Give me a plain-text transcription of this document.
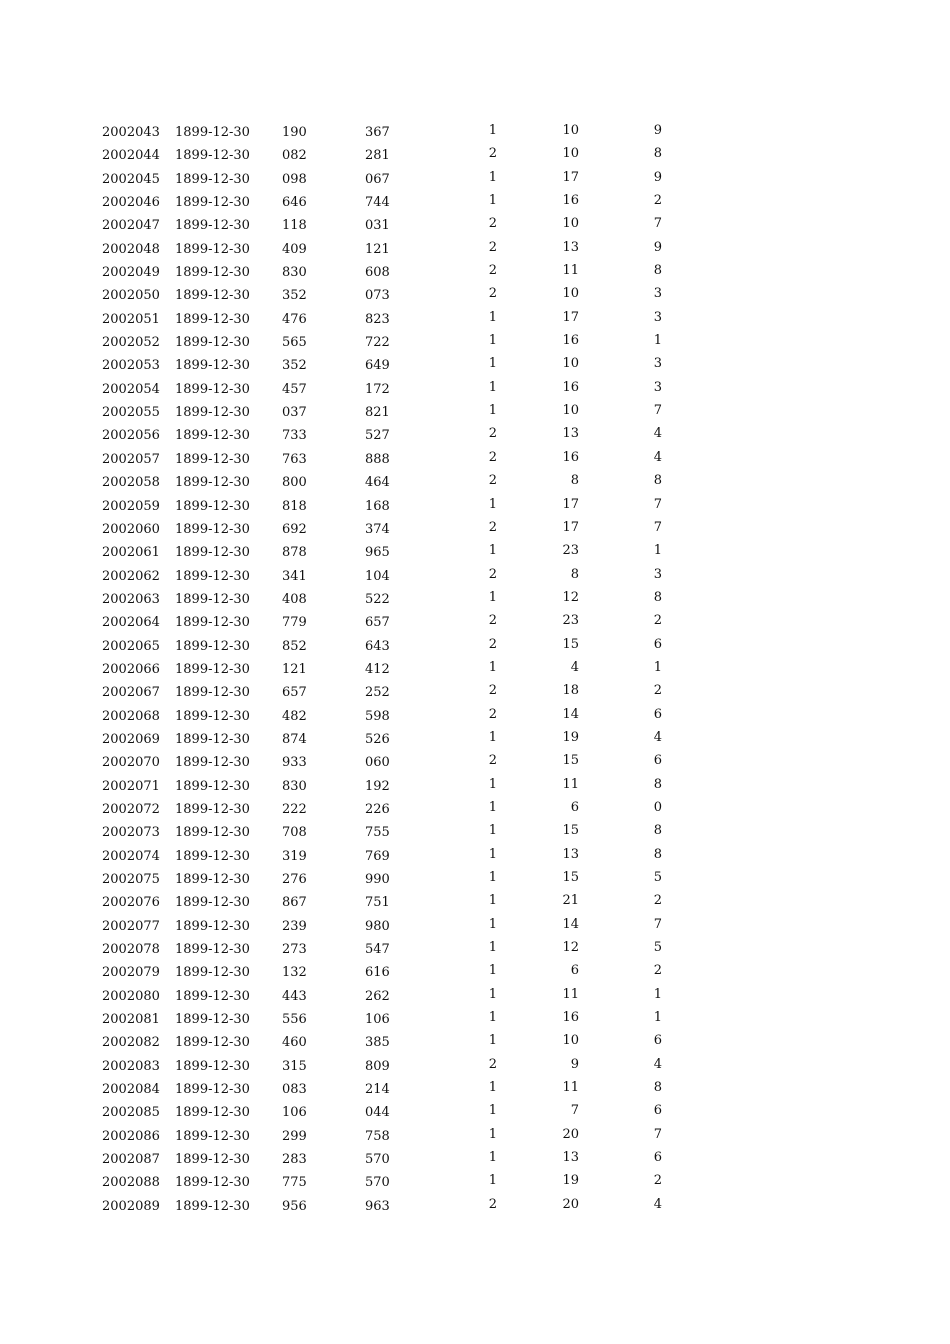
2002043 1899-12-30 190	367	1	10	9
2002044 1899-12-30 082	281	2	10	8
2002045 1899-12-30 098	067	1	17	9
2002046 1899-12-30 646	744	1	16	2
2002047 1899-12-30 118	031	2	10	7
2002048 1899-12-30 409	121	2	13	9
2002049 1899-12-30 830	608	2	11	8
2002050 1899-12-30 352	073	2	10	3
2002051 1899-12-30 476	823	1	17	3
2002052 1899-12-30 565	722	1	16	1
2002053 1899-12-30 352	649	1	10	3
2002054 1899-12-30 457	172	1	16	3
2002055 1899-12-30 037	821	1	10	7
2002056 1899-12-30 733	527	2	13	4
2002057 1899-12-30 763	888	2	16	4
2002058 1899-12-30 800	464	2	8	8
2002059 1899-12-30 818	168	1	17	7
2002060 1899-12-30 692	374	2	17	7
2002061 1899-12-30 878	965	1	23	1
2002062 1899-12-30 341	104	2	8	3
2002063 1899-12-30 408	522	1	12	8
2002064 1899-12-30 779	657	2	23	2
2002065 1899-12-30 852	643	2	15	6
2002066 1899-12-30 121	412	1	4	1
2002067 1899-12-30 657	252	2	18	2
2002068 1899-12-30 482	598	2	14	6
2002069 1899-12-30 874	526	1	19	4
2002070 1899-12-30 933	060	2	15	6
2002071 1899-12-30 830	192	1	11	8
2002072 1899-12-30 222	226	1	6	0
2002073 1899-12-30 708	755	1	15	8
2002074 1899-12-30 319	769	1	13	8
2002075 1899-12-30 276	990	1	15	5
2002076 1899-12-30 867	751	1	21	2
2002077 1899-12-30 239	980	1	14	7
2002078 1899-12-30 273	547	1	12	5
2002079 1899-12-30 132	616	1	6	2
2002080 1899-12-30 443	262	1	11	1
2002081 1899-12-30 556	106	1	16	1
2002082 1899-12-30 460	385	1	10	6
2002083 1899-12-30 315	809	2	9	4
2002084 1899-12-30 083	214	1	11	8
2002085 1899-12-30 106	044	1	7	6
2002086 1899-12-30 299	758	1	20	7
2002087 1899-12-30 283	570	1	13	6
2002088 1899-12-30 775	570	1	19	2
2002089 1899-12-30 956	963	2	20	4
